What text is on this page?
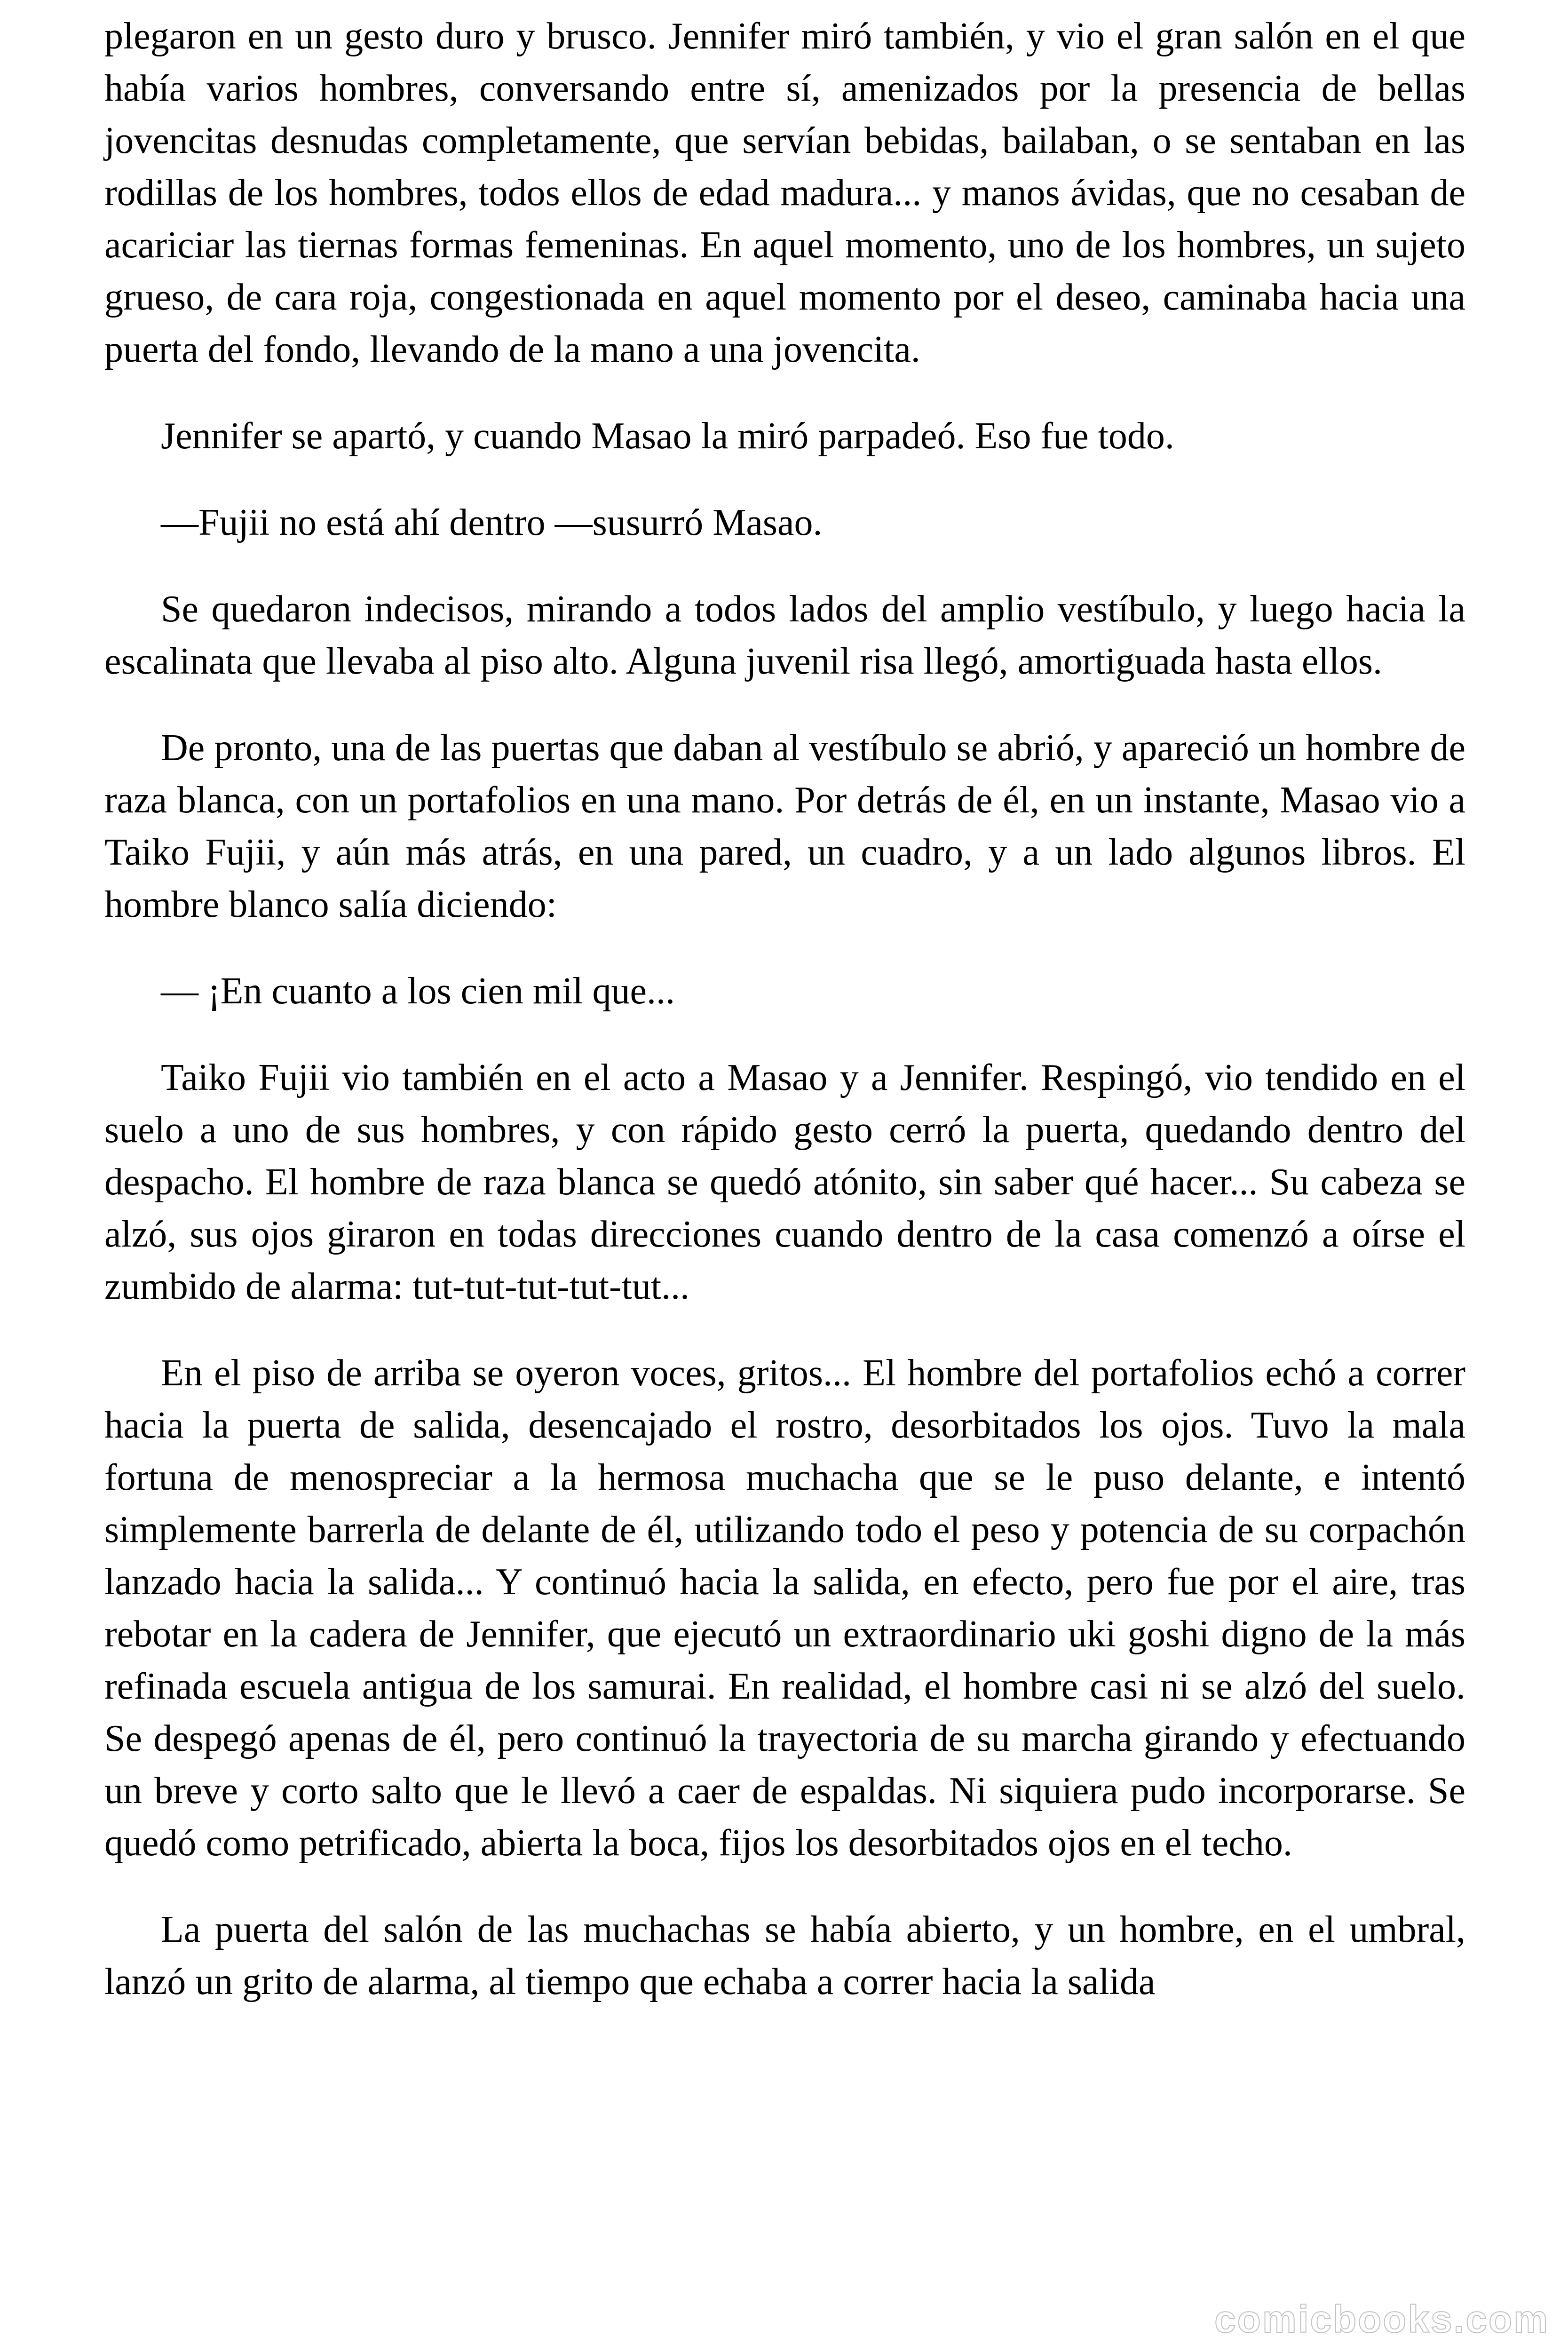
plegaron en un gesto duro y brusco. Jennifer miró también, y vio el gran salón en el que había varios hombres, conversando entre sí, amenizados por la presencia de bellas jovencitas desnudas completamente, que servían bebidas, bailaban, o se sentaban en las rodillas de los hombres, todos ellos de edad madura... y manos ávidas, que no cesaban de acariciar las tiernas formas femeninas. En aquel momento, uno de los hombres, un sujeto grueso, de cara roja, congestionada en aquel momento por el deseo, caminaba hacia una puerta del fondo, llevando de la mano a una jovencita.

Jennifer se apartó, y cuando Masao la miró parpadeó. Eso fue todo.

—Fujii no está ahí dentro —susurró Masao.

Se quedaron indecisos, mirando a todos lados del amplio vestíbulo, y luego hacia la escalinata que llevaba al piso alto. Alguna juvenil risa llegó, amortiguada hasta ellos.

De pronto, una de las puertas que daban al vestíbulo se abrió, y apareció un hombre de raza blanca, con un portafolios en una mano. Por detrás de él, en un instante, Masao vio a Taiko Fujii, y aún más atrás, en una pared, un cuadro, y a un lado algunos libros. El hombre blanco salía diciendo:

— ¡En cuanto a los cien mil que...

Taiko Fujii vio también en el acto a Masao y a Jennifer. Respingó, vio tendido en el suelo a uno de sus hombres, y con rápido gesto cerró la puerta, quedando dentro del despacho. El hombre de raza blanca se quedó atónito, sin saber qué hacer... Su cabeza se alzó, sus ojos giraron en todas direcciones cuando dentro de la casa comenzó a oírse el zumbido de alarma: tut-tut-tut-tut-tut...

En el piso de arriba se oyeron voces, gritos... El hombre del portafolios echó a correr hacia la puerta de salida, desencajado el rostro, desorbitados los ojos. Tuvo la mala fortuna de menospreciar a la hermosa muchacha que se le puso delante, e intentó simplemente barrerla de delante de él, utilizando todo el peso y potencia de su corpachón lanzado hacia la salida... Y continuó hacia la salida, en efecto, pero fue por el aire, tras rebotar en la cadera de Jennifer, que ejecutó un extraordinario uki goshi digno de la más refinada escuela antigua de los samurai. En realidad, el hombre casi ni se alzó del suelo. Se despegó apenas de él, pero continuó la trayectoria de su marcha girando y efectuando un breve y corto salto que le llevó a caer de espaldas. Ni siquiera pudo incorporarse. Se quedó como petrificado, abierta la boca, fijos los desorbitados ojos en el techo.

La puerta del salón de las muchachas se había abierto, y un hombre, en el umbral, lanzó un grito de alarma, al tiempo que echaba a correr hacia la salida

comicbooks.com
